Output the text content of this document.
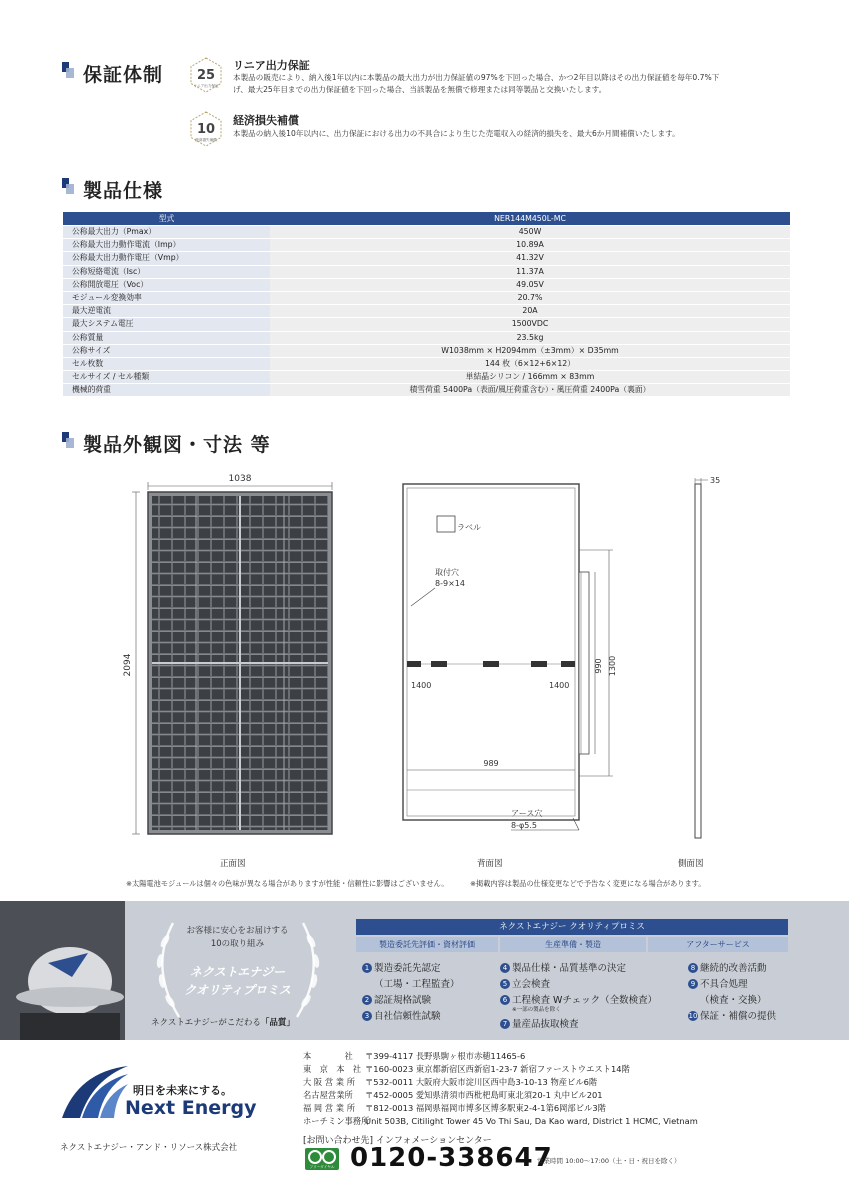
保証体制	25
リニア出力保証
リニア出力保証
本製品の販売により、納入後1年以内に本製品の最大出力が出力保証値の97%を下回った場合、かつ2年目以降はその出力保証値を毎年0.7%下
げ、最大25年目までの出力保証値を下回った場合、当該製品を無償で修理または同等製品と交換いたします。
10
経済損失補償
経済損失補償
本製品の納入後10年以内に、出力保証における出力の不具合により生じた売電収入の経済的損失を、最大6か月間補償いたします。
製品仕様
型式	NER144M450L-MC
公称最大出力（Pmax）	450W
公称最大出力動作電流（Imp）	10.89A
公称最大出力動作電圧（Vmp）	41.32V
公称短絡電流（Isc）	11.37A
公称開放電圧（Voc）	49.05V
モジュール変換効率	20.7%
最大逆電流	20A
最大システム電圧	1500VDC
公称質量	23.5kg
公称サイズ	W1038mm × H2094mm（±3mm）× D35mm
セル枚数	144 枚（6×12+6×12）
セルサイズ / セル種類	単結晶シリコン / 166mm × 83mm
機械的荷重	積雪荷重 5400Pa（表面/風圧荷重含む）・風圧荷重 2400Pa（裏面）
製品外観図・寸法 等
1038
2094
ラベル
取付穴
8-9×14
1400	1400
990 1300
989
アース穴
8-φ5.5
35
正面図	背面図	側面図
※太陽電池モジュールは個々の色味が異なる場合がありますが性能・信頼性に影響はございません。	※掲載内容は製品の仕様変更などで予告なく変更になる場合があります。
お客様に安心をお届けする
10の取り組み
ネクストエナジー
クオリティプロミス
ネクストエナジーがこだわる「品質」
ネクストエナジー クオリティプロミス
製造委託先評価・資材評価	生産準備・製造	アフターサービス
1 製造委託先認定
（工場・工程監査）
2 認証規格試験
3 自社信頼性試験
4 製品仕様・品質基準の決定
5 立会検査
6 工程検査 Wチェック（全数検査）
※一部の製品を除く
7 量産品抜取検査
8 継続的改善活動
9 不具合処理
（検査・交換）
10 保証・補償の提供
明日を未来にする。
Next Energy
ネクストエナジー・アンド・リソース株式会社
本　　　　社 〒399-4117 長野県駒ヶ根市赤穂11465-6
東　京　本　社 〒160-0023 東京都新宿区西新宿1-23-7 新宿ファーストウエスト14階
大 阪 営 業 所 〒532-0011 大阪府大阪市淀川区西中島3-10-13 物産ビル6階
名古屋営業所 〒452-0005 愛知県清須市西枇杷島町東北須20-1 丸中ビル201
福 岡 営 業 所 〒812-0013 福岡県福岡市博多区博多駅東2-4-1第6岡部ビル3階
ホーチミン事務所Unit 503B, Citilight Tower 45 Vo Thi Sau, Da Kao ward, District 1 HCMC, Vietnam
[お問い合わせ先] インフォメーションセンター
フリーダイヤル 0120-338647
営業時間 10:00〜17:00（土・日・祝日を除く）
